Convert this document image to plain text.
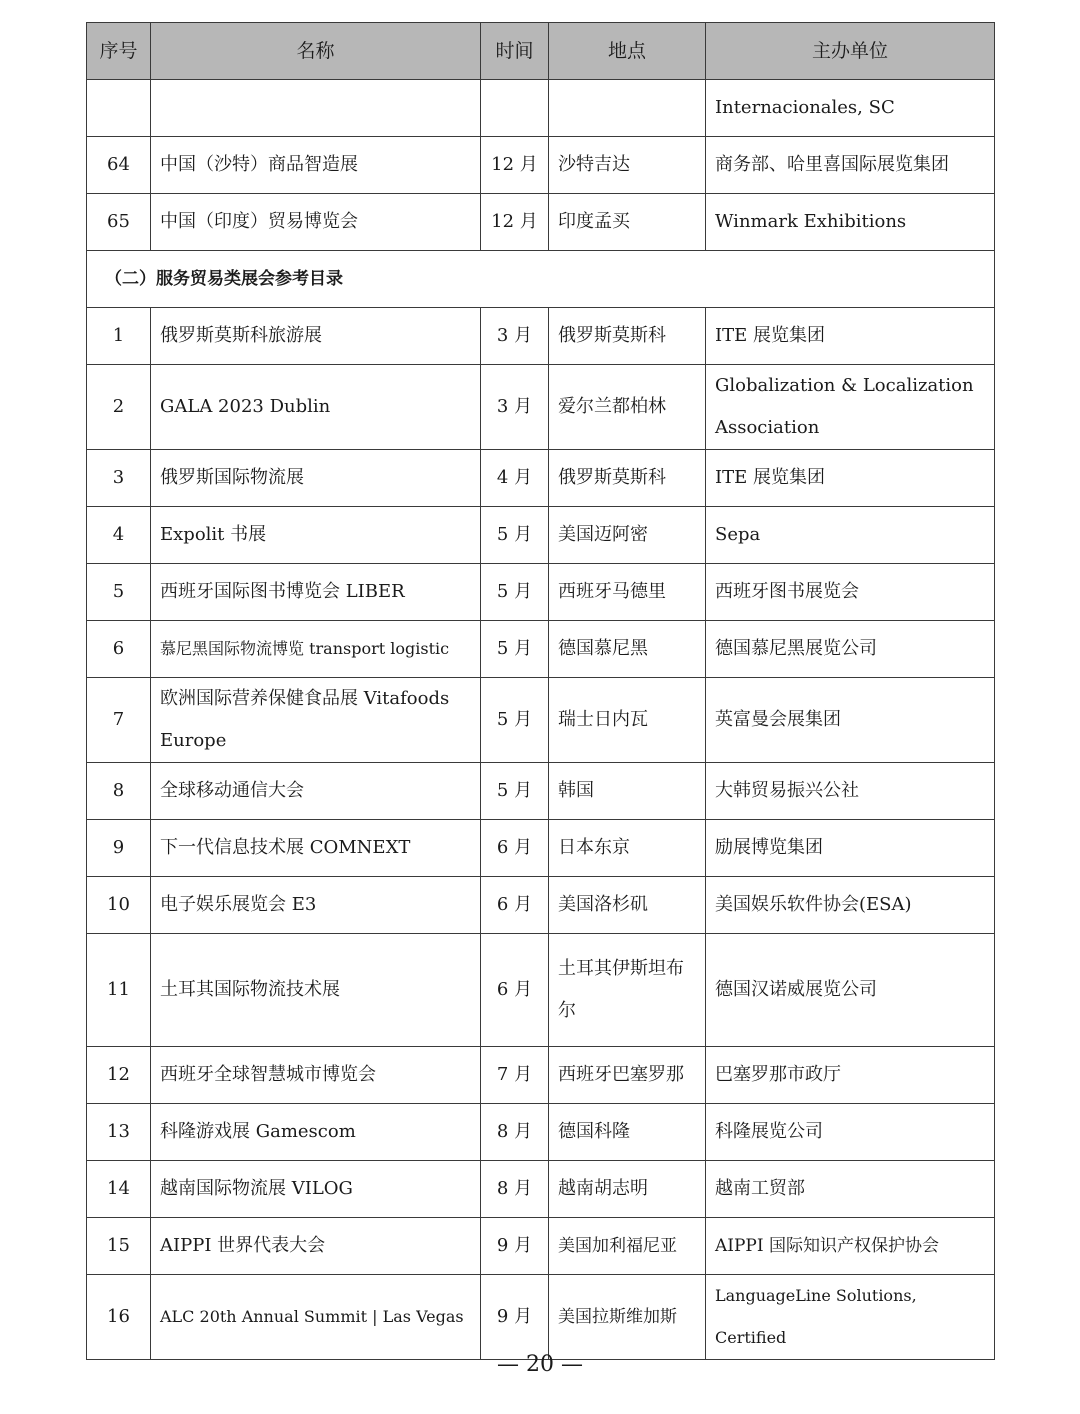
序号	名称	时间	地点	主办单位
				Internacionales, SC
64	中国（沙特）商品智造展	12 月	沙特吉达	商务部、哈里喜国际展览集团
65	中国（印度）贸易博览会	12 月	印度孟买	Winmark Exhibitions
（二）服务贸易类展会参考目录				
1	俄罗斯莫斯科旅游展	3 月	俄罗斯莫斯科	ITE 展览集团
2	GALA 2023 Dublin	3 月	爱尔兰都柏林	Globalization & Localization Association
3	俄罗斯国际物流展	4 月	俄罗斯莫斯科	ITE 展览集团
4	Expolit 书展	5 月	美国迈阿密	Sepa
5	西班牙国际图书博览会 LIBER	5 月	西班牙马德里	西班牙图书展览会
6	慕尼黑国际物流博览 transport logistic	5 月	德国慕尼黑	德国慕尼黑展览公司
7	欧洲国际营养保健食品展 Vitafoods Europe	5 月	瑞士日内瓦	英富曼会展集团
8	全球移动通信大会	5 月	韩国	大韩贸易振兴公社
9	下一代信息技术展 COMNEXT	6 月	日本东京	励展博览集团
10	电子娱乐展览会 E3	6 月	美国洛杉矶	美国娱乐软件协会(ESA)
11	土耳其国际物流技术展	6 月	土耳其伊斯坦布尔	德国汉诺威展览公司
12	西班牙全球智慧城市博览会	7 月	西班牙巴塞罗那	巴塞罗那市政厅
13	科隆游戏展 Gamescom	8 月	德国科隆	科隆展览公司
14	越南国际物流展 VILOG	8 月	越南胡志明	越南工贸部
15	AIPPI 世界代表大会	9 月	美国加利福尼亚	AIPPI 国际知识产权保护协会
16	ALC 20th Annual Summit | Las Vegas	9 月	美国拉斯维加斯	LanguageLine Solutions, Certified
— 20 —
